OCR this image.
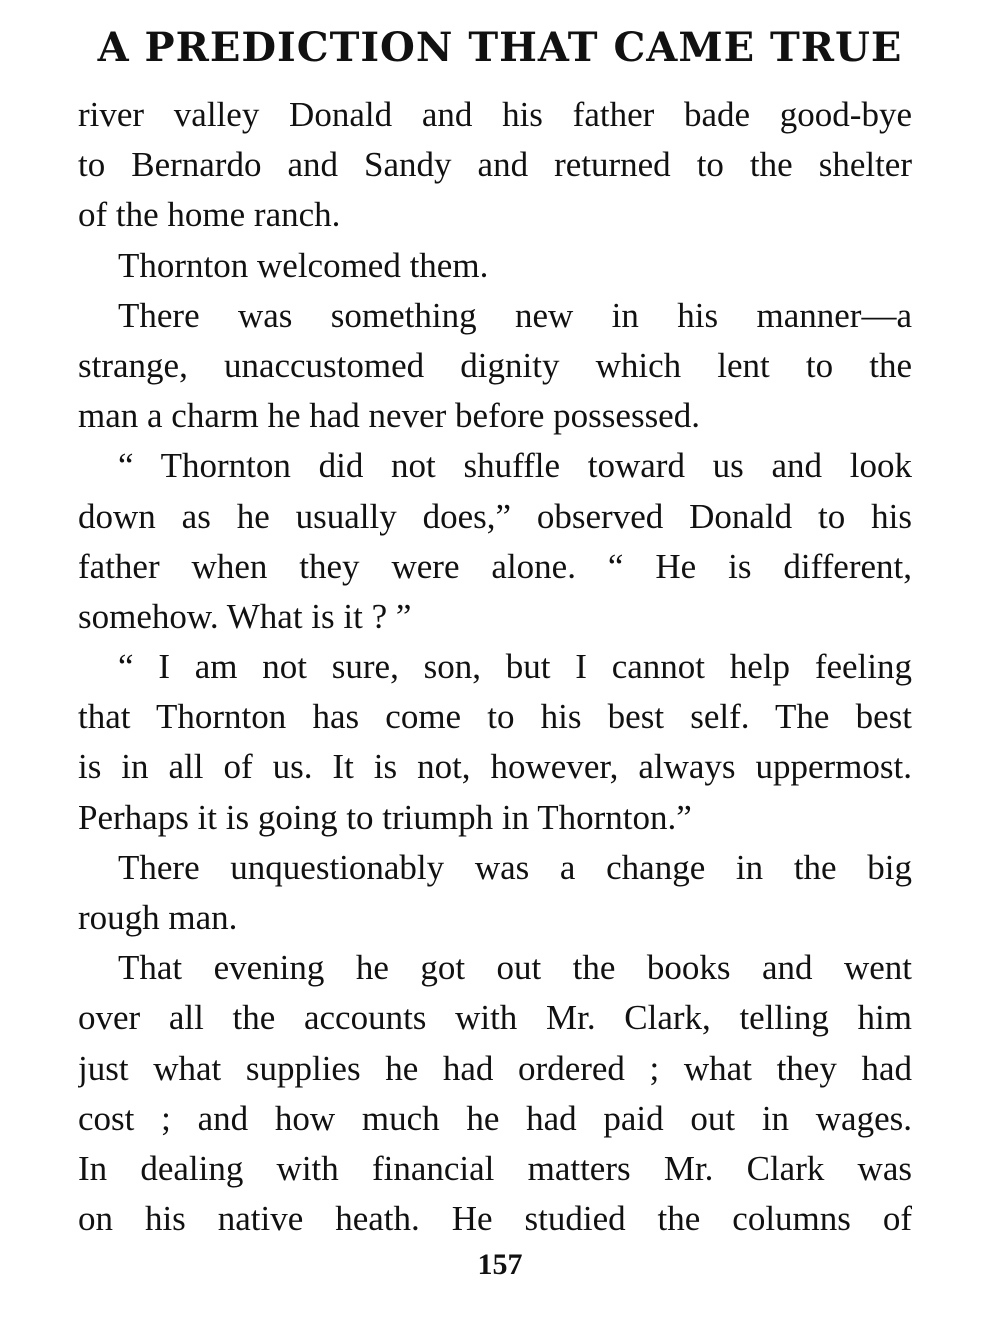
A PREDICTION THAT CAME TRUE
river valley Donald and his father bade good-bye
to Bernardo and Sandy and returned to the shelter
of the home ranch.
Thornton welcomed them.
There was something new in his manner—a
strange, unaccustomed dignity which lent to the
man a charm he had never before possessed.
“ Thornton did not shuffle toward us and look
down as he usually does,” observed Donald to his
father when they were alone. “ He is different,
somehow. What is it ? ”
“ I am not sure, son, but I cannot help feeling
that Thornton has come to his best self. The best
is in all of us. It is not, however, always uppermost.
Perhaps it is going to triumph in Thornton.”
There unquestionably was a change in the big
rough man.
That evening he got out the books and went
over all the accounts with Mr. Clark, telling him
just what supplies he had ordered ; what they had
cost ; and how much he had paid out in wages.
In dealing with financial matters Mr. Clark was
on his native heath. He studied the columns of
157
